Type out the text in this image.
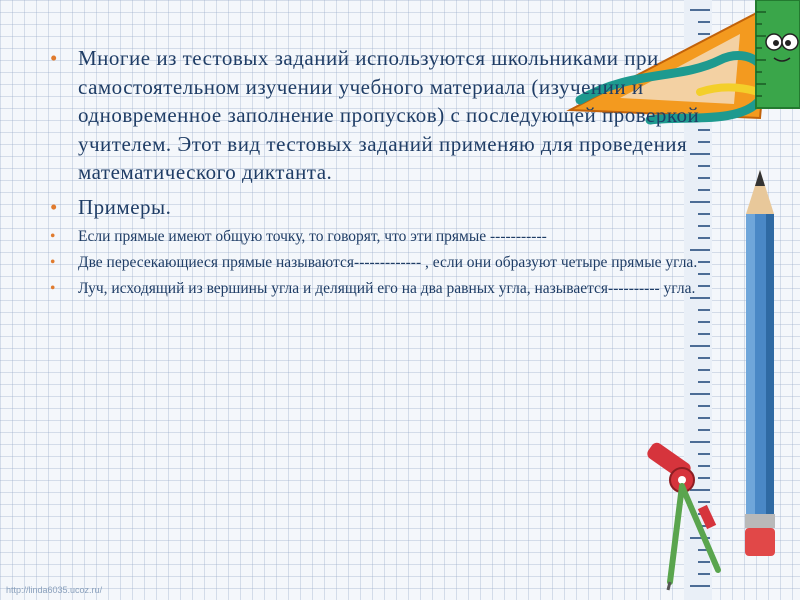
• Многие из тестовых заданий используются школьниками при самостоятельном изучении учебного материала (изучении и одновременное заполнение пропусков) с последующей проверкой учителем. Этот вид тестовых заданий применяю для проведения математического диктанта.
• Примеры.
• Если прямые имеют общую точку, то говорят, что эти прямые -----------
• Две пересекающиеся прямые называются------------- , если они образуют четыре прямые угла.
• Луч, исходящий из вершины угла и делящий его на два равных угла, называется---------- угла.
http://linda6035.ucoz.ru/
